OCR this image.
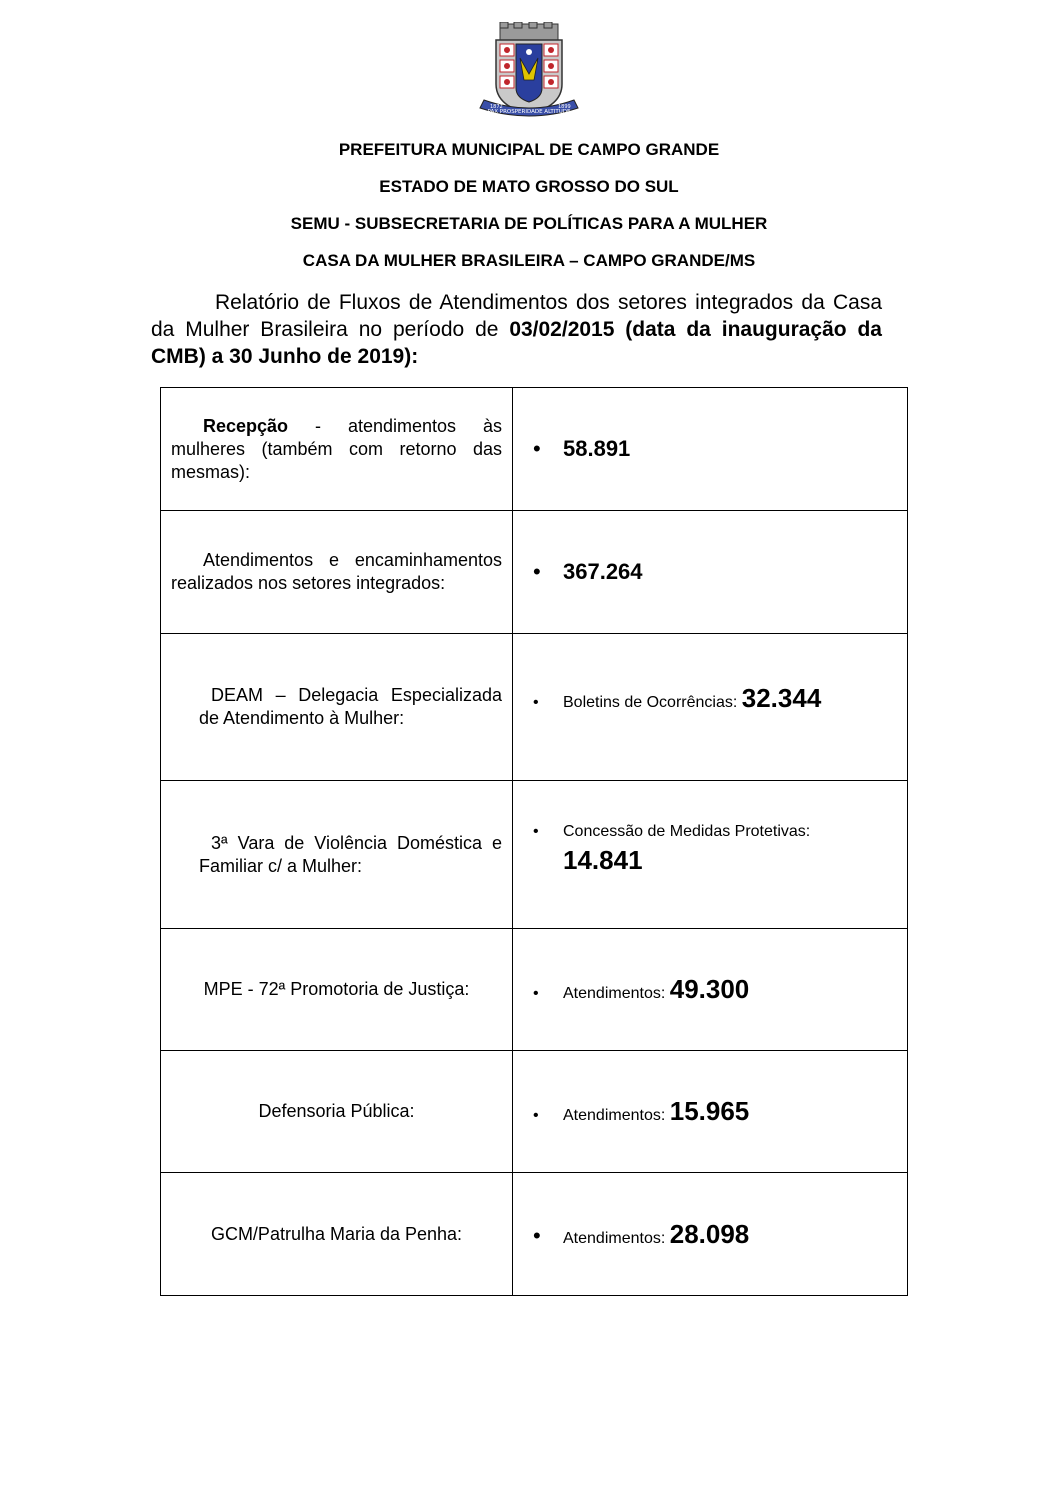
PAX PROSPERIDADE ALTITUDE
1872	1899
PREFEITURA MUNICIPAL DE CAMPO GRANDE
ESTADO DE MATO GROSSO DO SUL
SEMU - SUBSECRETARIA DE POLÍTICAS PARA A MULHER
CASA DA MULHER BRASILEIRA – CAMPO GRANDE/MS
Relatório de Fluxos de Atendimentos dos setores integrados da Casa da Mulher Brasileira no período de 03/02/2015 (data da inauguração da CMB) a 30 Junho de 2019):
Recepção - atendimentos às mulheres (também com retorno das mesmas):	• 58.891

Atendimentos e encaminhamentos realizados nos setores integrados:	• 367.264

DEAM – Delegacia Especializada de Atendimento à Mulher:	• Boletins de Ocorrências: 32.344

3ª Vara de Violência Doméstica e Familiar c/ a Mulher:	• Concessão de Medidas Protetivas:
14.841

MPE - 72ª Promotoria de Justiça:	• Atendimentos: 49.300

Defensoria Pública:	• Atendimentos: 15.965

GCM/Patrulha Maria da Penha:	• Atendimentos: 28.098
